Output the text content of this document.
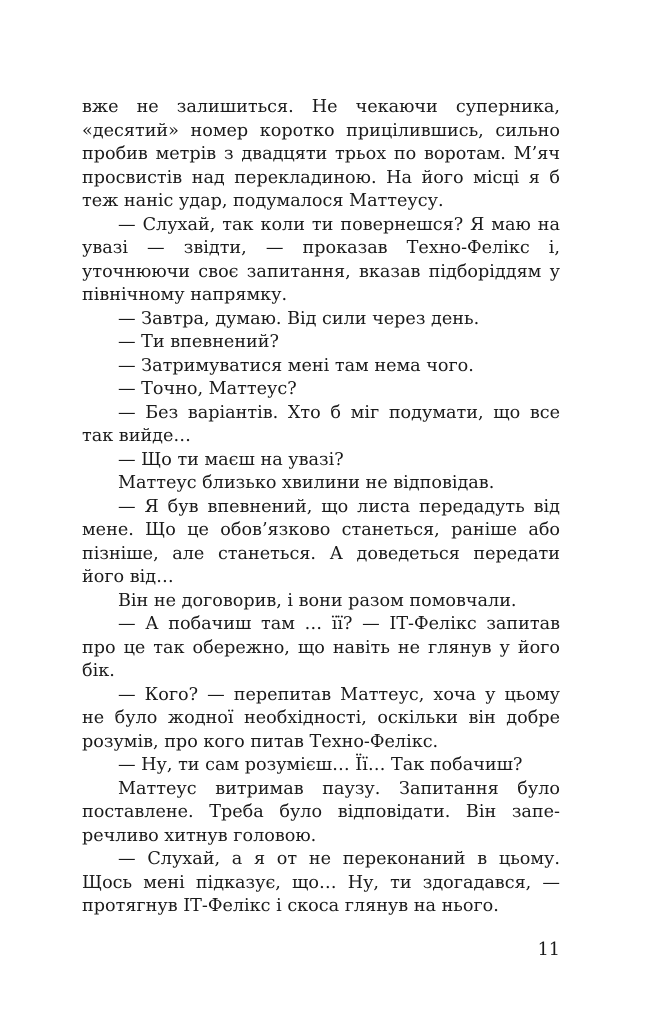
вже не залишиться. Не чекаючи суперника, «десятий» номер коротко прицілившись, сильно пробив метрів з двадцяти трьох по воротам. М’яч просвистів над перекладиною. На його місці я б теж наніс удар, подумалося Маттеусу.

— Слухай, так коли ти повернешся? Я маю на увазі — звідти, — проказав Техно-Фелікс і, уточнюючи своє запитання, вказав підборіддям у північному напрямку.

— Завтра, думаю. Від сили через день.

— Ти впевнений?

— Затримуватися мені там нема чого.

— Точно, Маттеус?

— Без варіантів. Хто б міг подумати, що все так вийде…

— Що ти маєш на увазі?

Маттеус близько хвилини не відповідав.

— Я був впевнений, що листа передадуть від мене. Що це обов’язково станеться, раніше або пізніше, але станеться. А доведеться передати його від…

Він не договорив, і вони разом помовчали.

— А побачиш там … її? — ІТ-Фелікс запитав про це так обережно, що навіть не глянув у його бік.

— Кого? — перепитав Маттеус, хоча у цьому не було жодної необхідності, оскільки він добре розумів, про кого питав Техно-Фелікс.

— Ну, ти сам розумієш… Її… Так побачиш?

Маттеус витримав паузу. Запитання було поставлене. Треба було відповідати. Він заперечливо хитнув головою.

— Слухай, а я от не переконаний в цьому. Щось мені підказує, що… Ну, ти здогадався, — протягнув ІТ-Фелікс і скоса глянув на нього.

11
